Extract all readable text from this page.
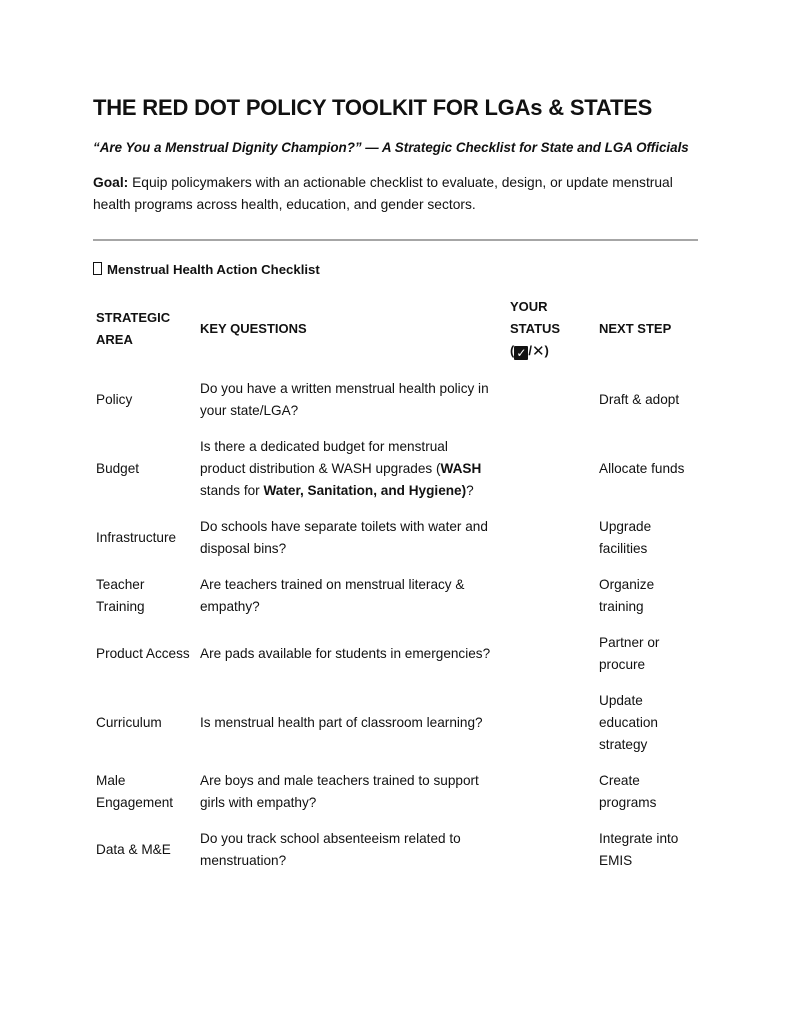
THE RED DOT POLICY TOOLKIT FOR LGAs & STATES
“Are You a Menstrual Dignity Champion?” — A Strategic Checklist for State and LGA Officials
Goal: Equip policymakers with an actionable checklist to evaluate, design, or update menstrual
health programs across health, education, and gender sectors.
Menstrual Health Action Checklist
STRATEGIC
AREA
KEY QUESTIONS
YOUR
STATUS
( ✓ /✕)
NEXT STEP
Policy
Do you have a written menstrual health policy in
your state/LGA?
Draft & adopt
Budget
Is there a dedicated budget for menstrual
product distribution & WASH upgrades (WASH
stands for Water, Sanitation, and Hygiene)?
Allocate funds
Infrastructure
Do schools have separate toilets with water and
disposal bins?
Upgrade
facilities
Teacher
Training
Are teachers trained on menstrual literacy &
empathy?
Organize
training
Product Access Are pads available for students in emergencies?
Partner or
procure
Curriculum	Is menstrual health part of classroom learning?
Update
education
strategy
Male
Engagement
Are boys and male teachers trained to support
girls with empathy?
Create
programs
Data & M&E
Do you track school absenteeism related to
menstruation?
Integrate into
EMIS
